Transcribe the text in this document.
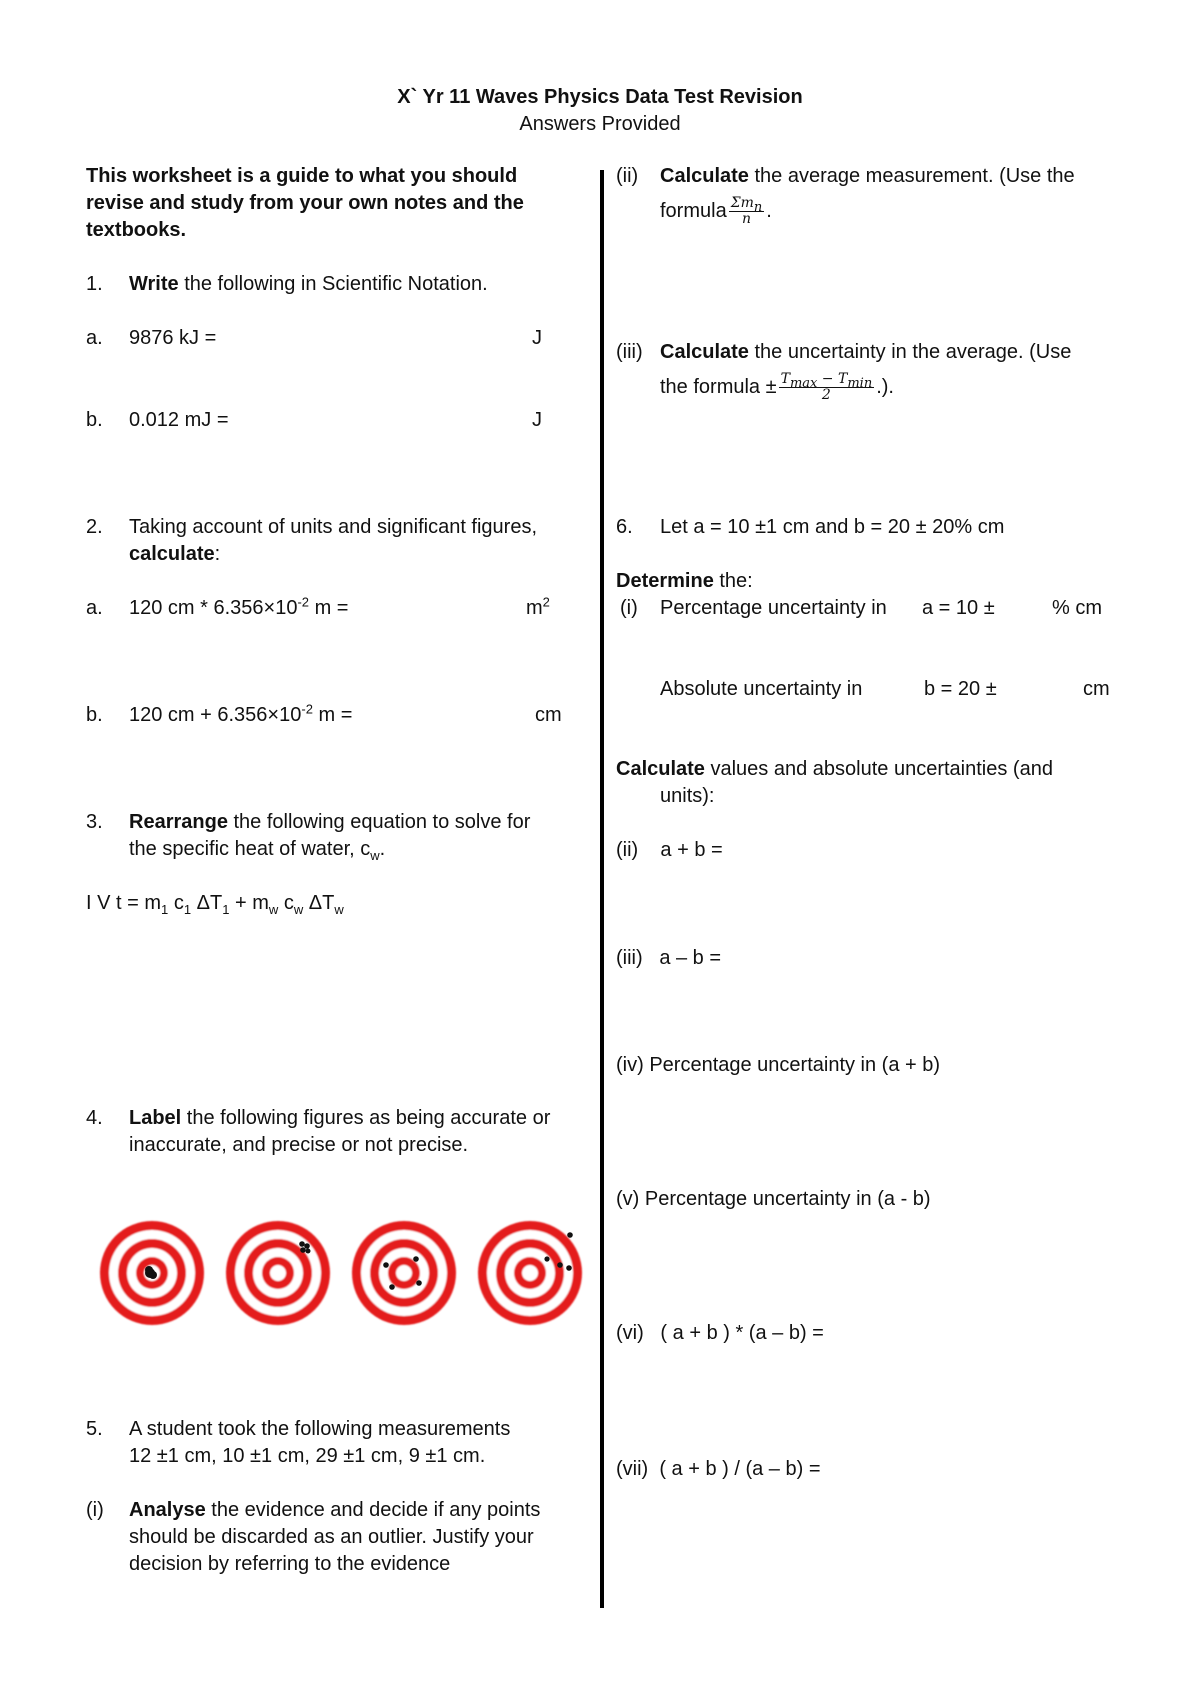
X` Yr 11 Waves Physics Data Test Revision
Answers Provided
This worksheet is a guide to what you should
revise and study from your own notes and the
textbooks.
1. Write the following in Scientific Notation.
a. 9876 kJ =	J
b. 0.012 mJ =	J
2. Taking account of units and significant figures,
calculate:
a. 120 cm * $6.356\times 10^{-2}$ m =	$m^2$
b. 120 cm + $6.356\times 10^{-2}$ m =	cm
3. Rearrange the following equation to solve for
the specific heat of water, $c_w$.
I V $t = m_1$ $c_1$ $\Delta T_1 + m_w$ $c_w$ $\Delta T_w$
4. Label the following figures as being accurate or
inaccurate, and precise or not precise.
5. A student took the following measurements
12 ±1 cm, 10 ±1 cm, 29 ±1 cm, 9 ±1 cm.
(i) Analyse the evidence and decide if any points
should be discarded as an outlier. Justify your
decision by referring to the evidence
(ii) Calculate the average measurement. (Use the
formula $\frac{\Sigma m_n}{n}$ .
(iii) Calculate the uncertainty in the average. (Use
the formula ± $\frac{T_{max} - T_{min}}{2}$ .).
6. Let a = 10 ±1 cm and b = 20 ± 20% cm
Determine the:
(i) Percentage uncertainty in a = 10 ±	% cm
Absolute uncertainty in	b = 20 ±	cm
Calculate values and absolute uncertainties (and
units):
(ii)    a + b =
(iii)   a – b =
(iv) Percentage uncertainty in (a + b)
(v) Percentage uncertainty in (a - b)
(vi)   ( a + b ) * (a – b) =
(vii)  ( a + b ) / (a – b) =
